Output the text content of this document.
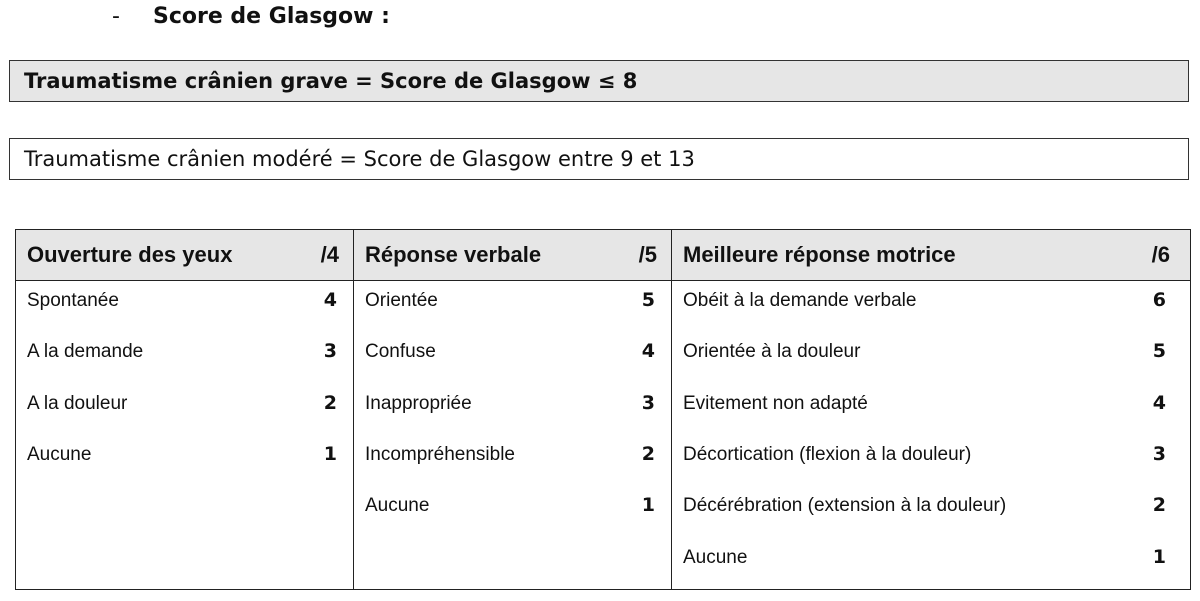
- Score de Glasgow :
Traumatisme crânien grave = Score de Glasgow ≤ 8
Traumatisme crânien modéré = Score de Glasgow entre 9 et 13
Ouverture des yeux /4	Réponse verbale /5	Meilleure réponse motrice /6

Spontanée 4	Orientée 5	Obéit à la demande verbale 6

A la demande 3	Confuse 4	Orientée à la douleur 5

A la douleur 2	Inappropriée 3	Evitement non adapté 4

Aucune 1	Incompréhensible 2	Décortication (flexion à la douleur) 3

	Aucune 1	Décérébration (extension à la douleur) 2

		Aucune 1
